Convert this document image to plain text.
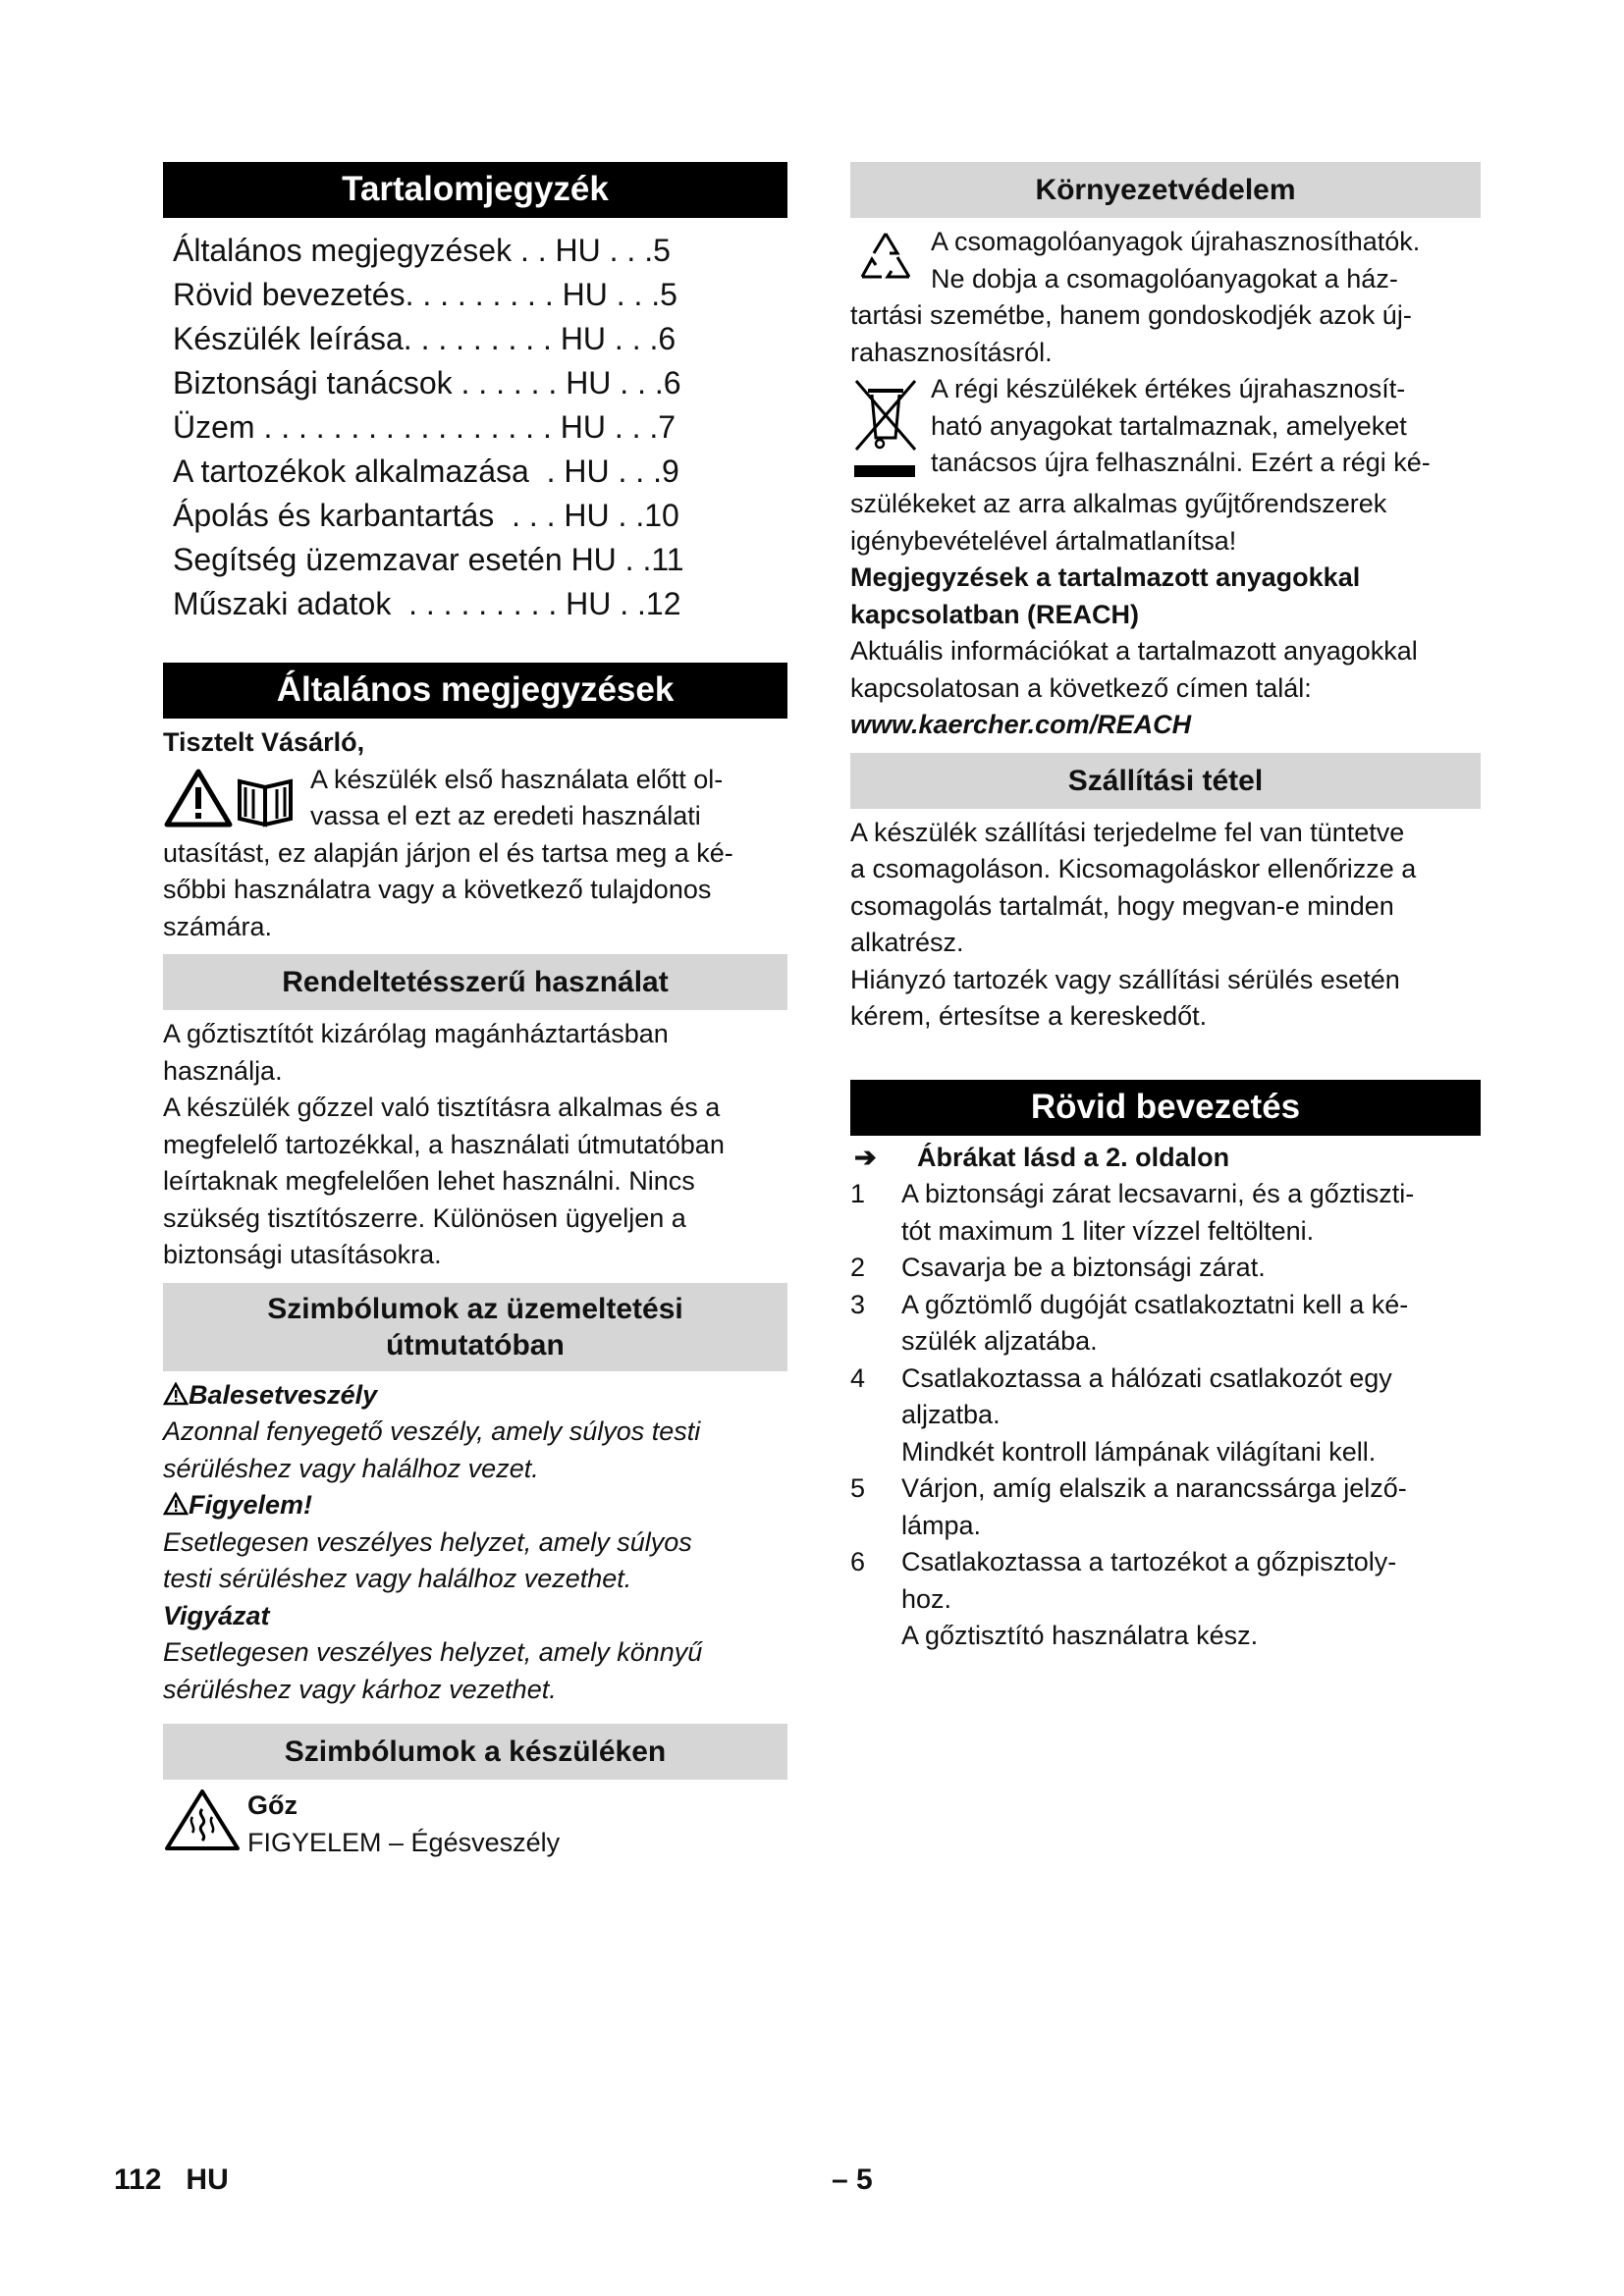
Tartalomjegyzék
Általános megjegyzések . . HU . . .5
Rövid bevezetés. . . . . . . . . HU . . .5
Készülék leírása. . . . . . . . . HU . . .6
Biztonsági tanácsok . . . . . . HU . . .6
Üzem . . . . . . . . . . . . . . . . . HU . . .7
A tartozékok alkalmazása  . HU . . .9
Ápolás és karbantartás  . . . HU . .10
Segítség üzemzavar esetén HU . .11
Műszaki adatok  . . . . . . . . . HU . .12
Általános megjegyzések

Tisztelt Vásárló,

A készülék első használata előtt ol-

vassa el ezt az eredeti használati

utasítást, ez alapján járjon el és tartsa meg a ké-

sőbbi használatra vagy a következő tulajdonos

számára.

Rendeltetésszerű használat

A gőztisztítót kizárólag magánháztartásban

használja.

A készülék gőzzel való tisztításra alkalmas és a

megfelelő tartozékkal, a használati útmutatóban

leírtaknak megfelelően lehet használni. Nincs

szükség tisztítószerre. Különösen ügyeljen a

biztonsági utasításokra.

Szimbólumok az üzemeltetési
útmutatóban

Balesetveszély

Azonnal fenyegető veszély, amely súlyos testi

sérüléshez vagy halálhoz vezet.

Figyelem!

Esetlegesen veszélyes helyzet, amely súlyos

testi sérüléshez vagy halálhoz vezethet.

Vigyázat

Esetlegesen veszélyes helyzet, amely könnyű

sérüléshez vagy kárhoz vezethet.

Szimbólumok a készüléken

Gőz

FIGYELEM – Égésveszély

Környezetvédelem

A csomagolóanyagok újrahasznosíthatók.

Ne dobja a csomagolóanyagokat a ház-

tartási szemétbe, hanem gondoskodjék azok új-

rahasznosításról.

A régi készülékek értékes újrahasznosít-

ható anyagokat tartalmaznak, amelyeket

tanácsos újra felhasználni. Ezért a régi ké-

szülékeket az arra alkalmas gyűjtőrendszerek

igénybevételével ártalmatlanítsa!

Megjegyzések a tartalmazott anyagokkal

kapcsolatban (REACH)

Aktuális információkat a tartalmazott anyagokkal

kapcsolatosan a következő címen talál:

www.kaercher.com/REACH

Szállítási tétel

A készülék szállítási terjedelme fel van tüntetve

a csomagoláson. Kicsomagoláskor ellenőrizze a

csomagolás tartalmát, hogy megvan-e minden

alkatrész.

Hiányzó tartozék vagy szállítási sérülés esetén

kérem, értesítse a kereskedőt.

Rövid bevezetés

➔ Ábrákat lásd a 2. oldalon

1	A biztonsági zárat lecsavarni, és a gőztiszti-
tót maximum 1 liter vízzel feltölteni.
2	Csavarja be a biztonsági zárat.
3	A gőztömlő dugóját csatlakoztatni kell a ké-
szülék aljzatába.
4	Csatlakoztassa a hálózati csatlakozót egy
aljzatba.
Mindkét kontroll lámpának világítani kell.
5	Várjon, amíg elalszik a narancssárga jelző-
lámpa.
6	Csatlakoztassa a tartozékot a gőzpisztoly-
hoz.
A gőztisztító használatra kész.
112 HU	– 5
